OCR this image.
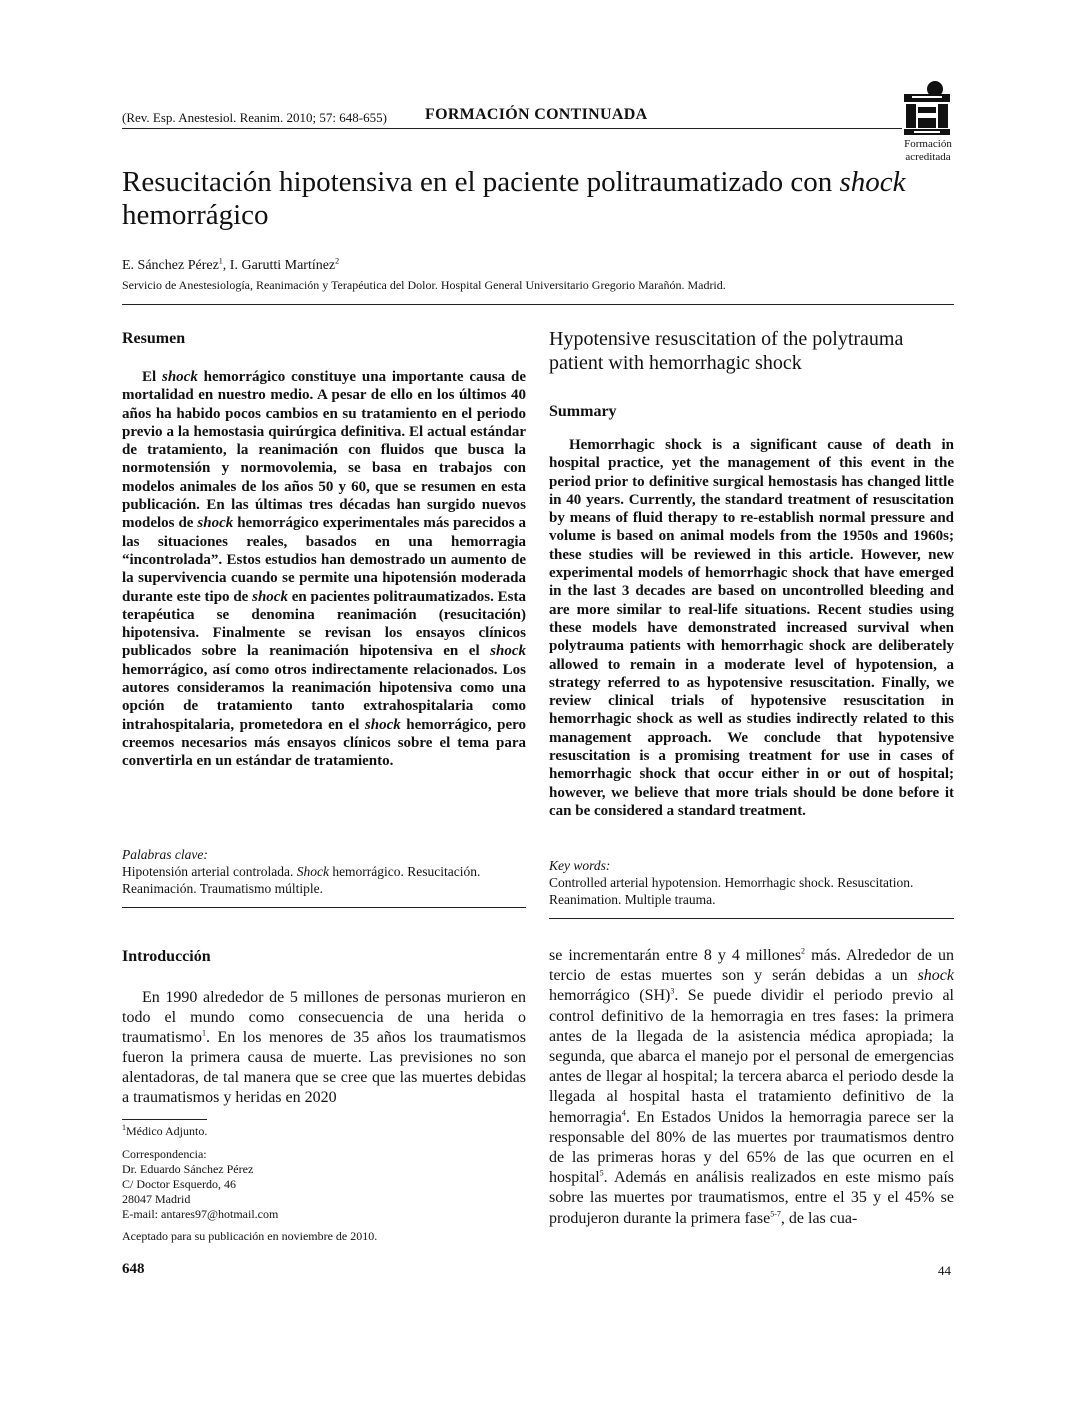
(Rev. Esp. Anestesiol. Reanim. 2010; 57: 648-655) FORMACIÓN CONTINUADA
Formación acreditada
Resucitación hipotensiva en el paciente politraumatizado con shock
hemorrágico
E. Sánchez Pérez$^1$, I. Garutti Martínez$^2$
Servicio de Anestesiología, Reanimación y Terapéutica del Dolor. Hospital General Universitario Gregorio Marañón. Madrid.
Resumen

El shock hemorrágico constituye una importante causa de mortalidad en nuestro medio. A pesar de ello en los últimos 40 años ha habido pocos cambios en su tratamiento en el periodo previo a la hemostasia quirúrgica definitiva. El actual estándar de tratamiento, la reanimación con fluidos que busca la normotensión y normovolemia, se basa en trabajos con modelos animales de los años 50 y 60, que se resumen en esta publicación. En las últimas tres décadas han surgido nuevos modelos de shock hemorrágico experimentales más parecidos a las situaciones reales, basados en una hemorragia “incontrolada”. Estos estudios han demostrado un aumento de la supervivencia cuando se permite una hipotensión moderada durante este tipo de shock en pacientes politraumatizados. Esta terapéutica se denomina reanimación (resucitación) hipotensiva. Finalmente se revisan los ensayos clínicos publicados sobre la reanimación hipotensiva en el shock hemorrágico, así como otros indirectamente relacionados. Los autores consideramos la reanimación hipotensiva como una opción de tratamiento tanto extrahospitalaria como intrahospitalaria, prometedora en el shock hemorrágico, pero creemos necesarios más ensayos clínicos sobre el tema para convertirla en un estándar de tratamiento.

Palabras clave:
Hipotensión arterial controlada. Shock hemorrágico. Resucitación. Reanimación. Traumatismo múltiple.
Hypotensive resuscitation of the polytrauma patient with hemorrhagic shock
Summary

Hemorrhagic shock is a significant cause of death in hospital practice, yet the management of this event in the period prior to definitive surgical hemostasis has changed little in 40 years. Currently, the standard treatment of resuscitation by means of fluid therapy to re-establish normal pressure and volume is based on animal models from the 1950s and 1960s; these studies will be reviewed in this article. However, new experimental models of hemorrhagic shock that have emerged in the last 3 decades are based on uncontrolled bleeding and are more similar to real-life situations. Recent studies using these models have demonstrated increased survival when polytrauma patients with hemorrhagic shock are deliberately allowed to remain in a moderate level of hypotension, a strategy referred to as hypotensive resuscitation. Finally, we review clinical trials of hypotensive resuscitation in hemorrhagic shock as well as studies indirectly related to this management approach. We conclude that hypotensive resuscitation is a promising treatment for use in cases of hemorrhagic shock that occur either in or out of hospital; however, we believe that more trials should be done before it can be considered a standard treatment.

Key words:
Controlled arterial hypotension. Hemorrhagic shock. Resuscitation. Reanimation. Multiple trauma.
Introducción

En 1990 alrededor de 5 millones de personas murieron en todo el mundo como consecuencia de una herida o traumatismo$^1$. En los menores de 35 años los traumatismos fueron la primera causa de muerte. Las previsiones no son alentadoras, de tal manera que se cree que las muertes debidas a traumatismos y heridas en 2020

se incrementarán entre 8 y 4 millones$^2$ más. Alrededor de un tercio de estas muertes son y serán debidas a un shock hemorrágico (SH)$^3$. Se puede dividir el periodo previo al control definitivo de la hemorragia en tres fases: la primera antes de la llegada de la asistencia médica apropiada; la segunda, que abarca el manejo por el personal de emergencias antes de llegar al hospital; la tercera abarca el periodo desde la llegada al hospital hasta el tratamiento definitivo de la hemorragia$^4$. En Estados Unidos la hemorragia parece ser la responsable del 80% de las muertes por traumatismos dentro de las primeras horas y del 65% de las que ocurren en el hospital$^5$. Además en análisis realizados en este mismo país sobre las muertes por traumatismos, entre el 35 y el 45% se produjeron durante la primera fase$^{5-7}$, de las cua-

$^1$Médico Adjunto.
Correspondencia:
Dr. Eduardo Sánchez Pérez
C/ Doctor Esquerdo, 46
28047 Madrid
E-mail: antares97@hotmail.com
Aceptado para su publicación en noviembre de 2010.
648	44
